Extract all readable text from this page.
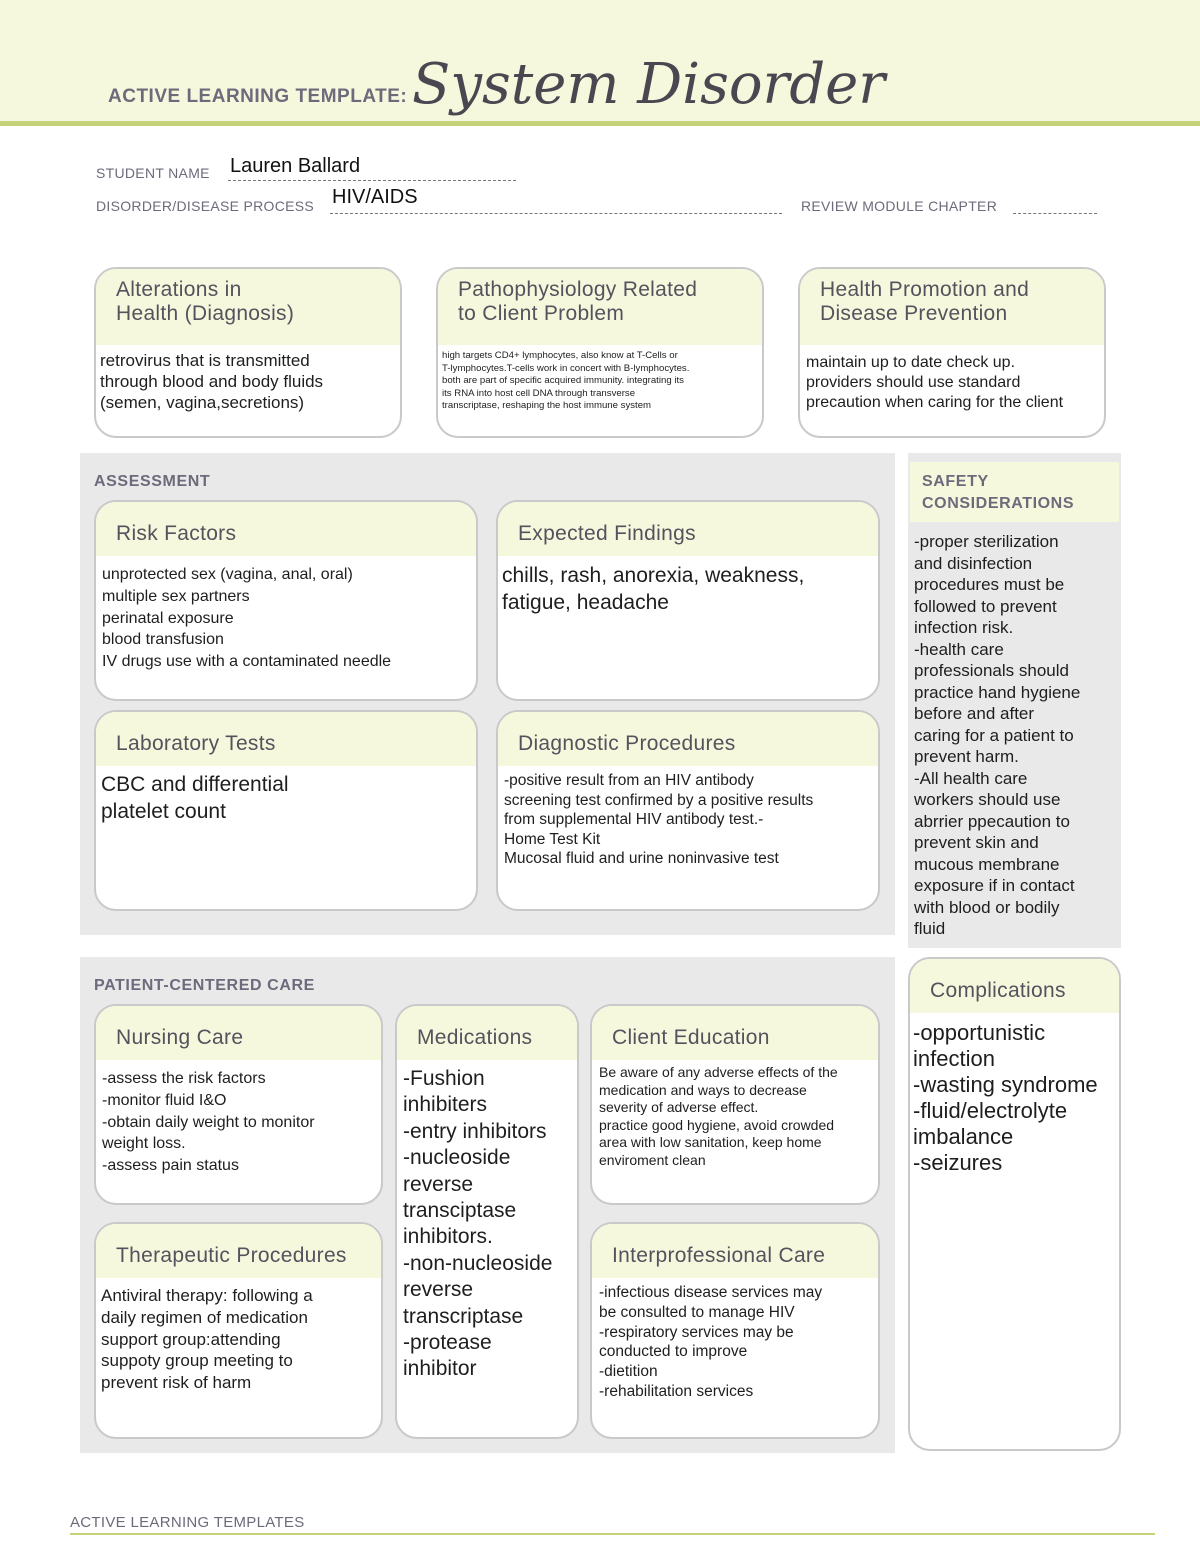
ACTIVE LEARNING TEMPLATE: System Disorder
STUDENT NAME Lauren Ballard
DISORDER/DISEASE PROCESS HIV/AIDS	REVIEW MODULE CHAPTER
Alterations in
Health (Diagnosis)
retrovirus that is transmitted
through blood and body fluids
(semen, vagina,secretions)
Pathophysiology Related
to Client Problem
high targets CD4+ lymphocytes, also know at T-Cells or
T-lymphocytes.T-cells work in concert with B-lymphocytes.
both are part of specific acquired immunity. integrating its
its RNA into host cell DNA through transverse
transcriptase, reshaping the host immune system
Health Promotion and
Disease Prevention
maintain up to date check up.
providers should use standard
precaution when caring for the client
ASSESSMENT
Risk Factors
unprotected sex (vagina, anal, oral)
multiple sex partners
perinatal exposure
blood transfusion
IV drugs use with a contaminated needle
Expected Findings
chills, rash, anorexia, weakness,
fatigue, headache
Laboratory Tests
CBC and differential
platelet count
Diagnostic Procedures
-positive result from an HIV antibody
screening test confirmed by a positive results
from supplemental HIV antibody test.-
Home Test Kit
Mucosal fluid and urine noninvasive test
SAFETY
CONSIDERATIONS
-proper sterilization
and disinfection
procedures must be
followed to prevent
infection risk.
-health care
professionals should
practice hand hygiene
before and after
caring for a patient to
prevent harm.
-All health care
workers should use
abrrier ppecaution to
prevent skin and
mucous membrane
exposure if in contact
with blood or bodily
fluid
PATIENT-CENTERED CARE
Nursing Care
-assess the risk factors
-monitor fluid I&O
-obtain daily weight to monitor
weight loss.
-assess pain status
Medications
-Fushion
inhibiters
-entry inhibitors
-nucleoside
reverse
transciptase
inhibitors.
-non-nucleoside
reverse
transcriptase
-protease
inhibitor
Client Education
Be aware of any adverse effects of the
medication and ways to decrease
severity of adverse effect.
practice good hygiene, avoid crowded
area with low sanitation, keep home
enviroment clean
Therapeutic Procedures
Antiviral therapy: following a
daily regimen of medication
support group:attending
suppoty group meeting to
prevent risk of harm
Interprofessional Care
-infectious disease services may
be consulted to manage HIV
-respiratory services may be
conducted to improve
-dietition
-rehabilitation services
Complications
-opportunistic
infection
-wasting syndrome
-fluid/electrolyte
imbalance
-seizures
ACTIVE LEARNING TEMPLATES
